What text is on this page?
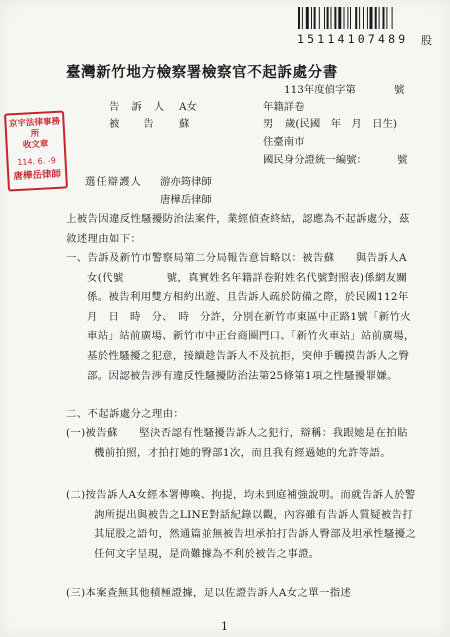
15114107489 股
臺灣新竹地方檢察署檢察官不起訴處分書
113年度偵字第	號
京宇法律事務所
收文章
114. 6. -9
唐樺岳律師
告訴人 A女	年籍詳卷
被告 蘇	男 歲(民國　年　月　日生)
住臺南市
國民身分證統一編號：	號
選任辯護人 游亦筠律師
唐樺岳律師
上被告因違反性騷擾防治法案件，業經偵查終結，認應為不起訴處分，茲敘述理由如下：
一、告訴及新竹市警察局第二分局報告意旨略以：被告蘇　　與告訴人A女(代號　　　　號，真實姓名年籍詳卷附姓名代號對照表)係網友關係。被告利用雙方相約出遊、且告訴人疏於防備之際，於民國112年　月　日　時　分、　時　分許，分別在新竹市東區中正路1號「新竹火車站」站前廣場、新竹市中正台商圈門口、「新竹火車站」站前廣場，基於性騷擾之犯意，接續趁告訴人不及抗拒，突伸手觸摸告訴人之臀部。因認被告涉有違反性騷擾防治法第25條第1項之性騷擾罪嫌。
二、不起訴處分之理由：
(一)被告蘇　　堅決否認有性騷擾告訴人之犯行，辯稱：我跟她是在拍貼機前拍照，才拍打她的臀部1次，而且我有經過她的允許等語。
(二)按告訴人A女經本署傳喚、拘提，均未到庭補強說明。而就告訴人於警詢所提出與被告之LINE對話紀錄以觀，內容雖有告訴人質疑被告打其屁股之語句，然通篇並無被告坦承拍打告訴人臀部及坦承性騷擾之任何文字呈現，是尚難據為不利於被告之事證。
(三)本案查無其他積極證據，足以佐證告訴人A女之單一指述
1
